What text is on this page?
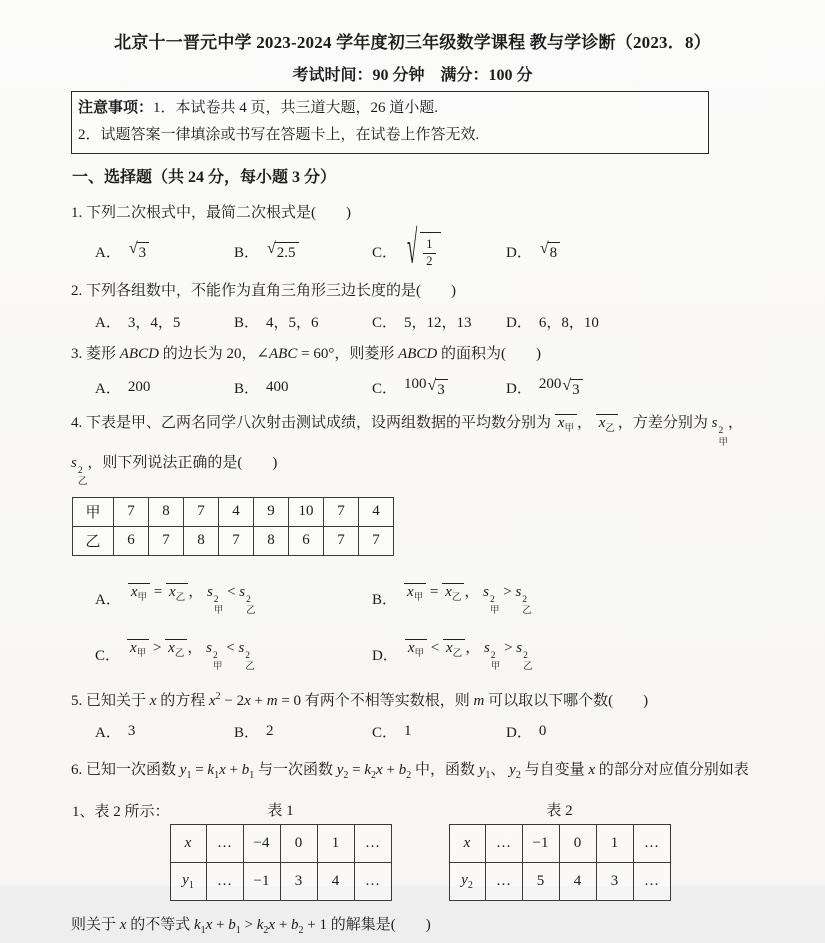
北京十一晋元中学 2023-2024 学年度初三年级数学课程 教与学诊断（2023．8）
考试时间：90 分钟　满分：100 分
注意事项：1．本试卷共 4 页，共三道大题，26 道小题.
2．试题答案一律填涂或书写在答题卡上，在试卷上作答无效.
一、选择题（共 24 分，每小题 3 分）
1. 下列二次根式中，最简二次根式是(　　)
A． √ 3	B． √ 2.5	C． √ $\frac{1}{2}$	D． √ 8
2. 下列各组数中，不能作为直角三角形三边长度的是(　　)
A． 3，4，5	B． 4，5，6	C． 5，12，13 D． 6，8，10
3. 菱形 ABCD 的边长为 20，∠ABC = 60°，则菱形 ABCD 的面积为(　　)
A． 200	B． 400	C． 100 √ 3	D． 200 √ 3
4. 下表是甲、乙两名同学八次射击测试成绩，设两组数据的平均数分别为 $x_甲$ ， $x_乙$ ，方差分别为 s 2
甲
，
s 2
乙
，则下列说法正确的是(　　)
甲	7	8	7	4	9	10	7	4
乙	6	7	8	7	8	6	7	7
A．
$x_甲 = x_乙$ ， s 2
甲
< s 2
乙
B．
$x_甲 = x_乙$ ， s 2
甲
> s 2
乙
C．
$x_甲 > x_乙$ ， s 2
甲
< s 2
乙
D．
$x_甲 < x_乙$ ， s 2
甲
> s 2
乙
5. 已知关于 x 的方程 $x^2 - 2x + m = 0$ 有两个不相等实数根，则 m 可以取以下哪个数(　　)
A． 3	B． 2	C． 1	D． 0
6. 已知一次函数 $y_1 = k_1x + b_1$ 与一次函数 $y_2 = k_2x + b_2$ 中，函数 $y_1$、 $y_2$ 与自变量 x 的部分对应值分别如表
1、表 2 所示：	表 1
x	…	−4	0	1	…
$y_1$	…	−1	3	4	…
表 2
x	…	−1	0	1	…
$y_2$	…	5	4	3	…
则关于 x 的不等式 $k_1x + b_1 > k_2x + b_2 + 1$ 的解集是(　　)
